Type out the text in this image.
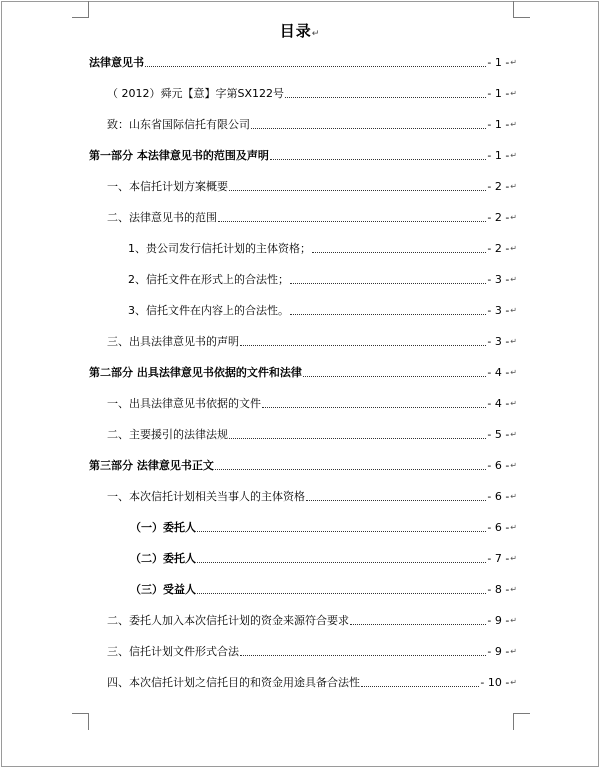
目录↵
法律意见书	- 1 - ↵
（ 2012）舜元【意】字第SX122号	- 1 - ↵
致：山东省国际信托有限公司	- 1 - ↵
第一部分 本法律意见书的范围及声明	- 1 - ↵
一、本信托计划方案概要	- 2 - ↵
二、法律意见书的范围	- 2 - ↵
1、贵公司发行信托计划的主体资格；	- 2 - ↵
2、信托文件在形式上的合法性；	- 3 - ↵
3、信托文件在内容上的合法性。	- 3 - ↵
三、出具法律意见书的声明	- 3 - ↵
第二部分 出具法律意见书依据的文件和法律	- 4 - ↵
一、出具法律意见书依据的文件	- 4 - ↵
二、主要援引的法律法规	- 5 - ↵
第三部分 法律意见书正文	- 6 - ↵
一、本次信托计划相关当事人的主体资格	- 6 - ↵
（一）委托人	- 6 - ↵
（二）委托人	- 7 - ↵
（三）受益人	- 8 - ↵
二、委托人加入本次信托计划的资金来源符合要求	- 9 - ↵
三、信托计划文件形式合法	- 9 - ↵
四、本次信托计划之信托目的和资金用途具备合法性	- 10 - ↵
